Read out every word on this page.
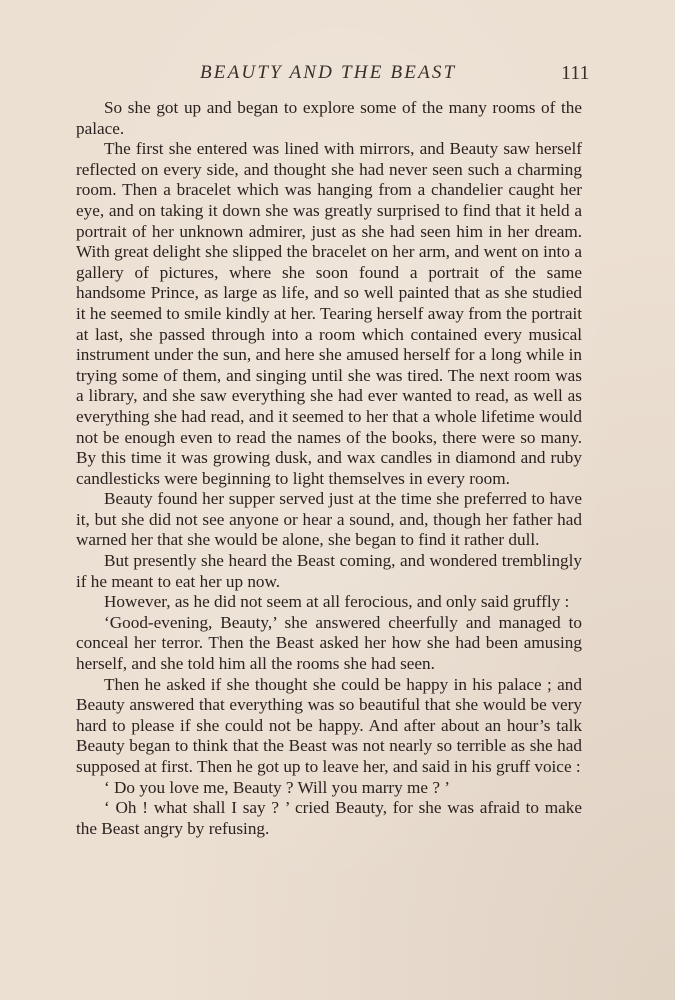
BEAUTY AND THE BEAST	111

So she got up and began to explore some of the many rooms of the palace.

The first she entered was lined with mirrors, and Beauty saw herself reflected on every side, and thought she had never seen such a charming room. Then a bracelet which was hanging from a chandelier caught her eye, and on taking it down she was greatly surprised to find that it held a portrait of her unknown admirer, just as she had seen him in her dream. With great delight she slipped the bracelet on her arm, and went on into a gallery of pictures, where she soon found a portrait of the same handsome Prince, as large as life, and so well painted that as she studied it he seemed to smile kindly at her. Tearing herself away from the portrait at last, she passed through into a room which contained every musical instrument under the sun, and here she amused herself for a long while in trying some of them, and singing until she was tired. The next room was a library, and she saw everything she had ever wanted to read, as well as everything she had read, and it seemed to her that a whole lifetime would not be enough even to read the names of the books, there were so many. By this time it was growing dusk, and wax candles in diamond and ruby candlesticks were beginning to light themselves in every room.

Beauty found her supper served just at the time she preferred to have it, but she did not see anyone or hear a sound, and, though her father had warned her that she would be alone, she began to find it rather dull.

But presently she heard the Beast coming, and wondered tremblingly if he meant to eat her up now.

However, as he did not seem at all ferocious, and only said gruffly :

‘Good-evening, Beauty,’ she answered cheerfully and managed to conceal her terror. Then the Beast asked her how she had been amusing herself, and she told him all the rooms she had seen.

Then he asked if she thought she could be happy in his palace ; and Beauty answered that everything was so beautiful that she would be very hard to please if she could not be happy. And after about an hour’s talk Beauty began to think that the Beast was not nearly so terrible as she had supposed at first. Then he got up to leave her, and said in his gruff voice :

‘ Do you love me, Beauty ? Will you marry me ? ’

‘ Oh ! what shall I say ? ’ cried Beauty, for she was afraid to make the Beast angry by refusing.
